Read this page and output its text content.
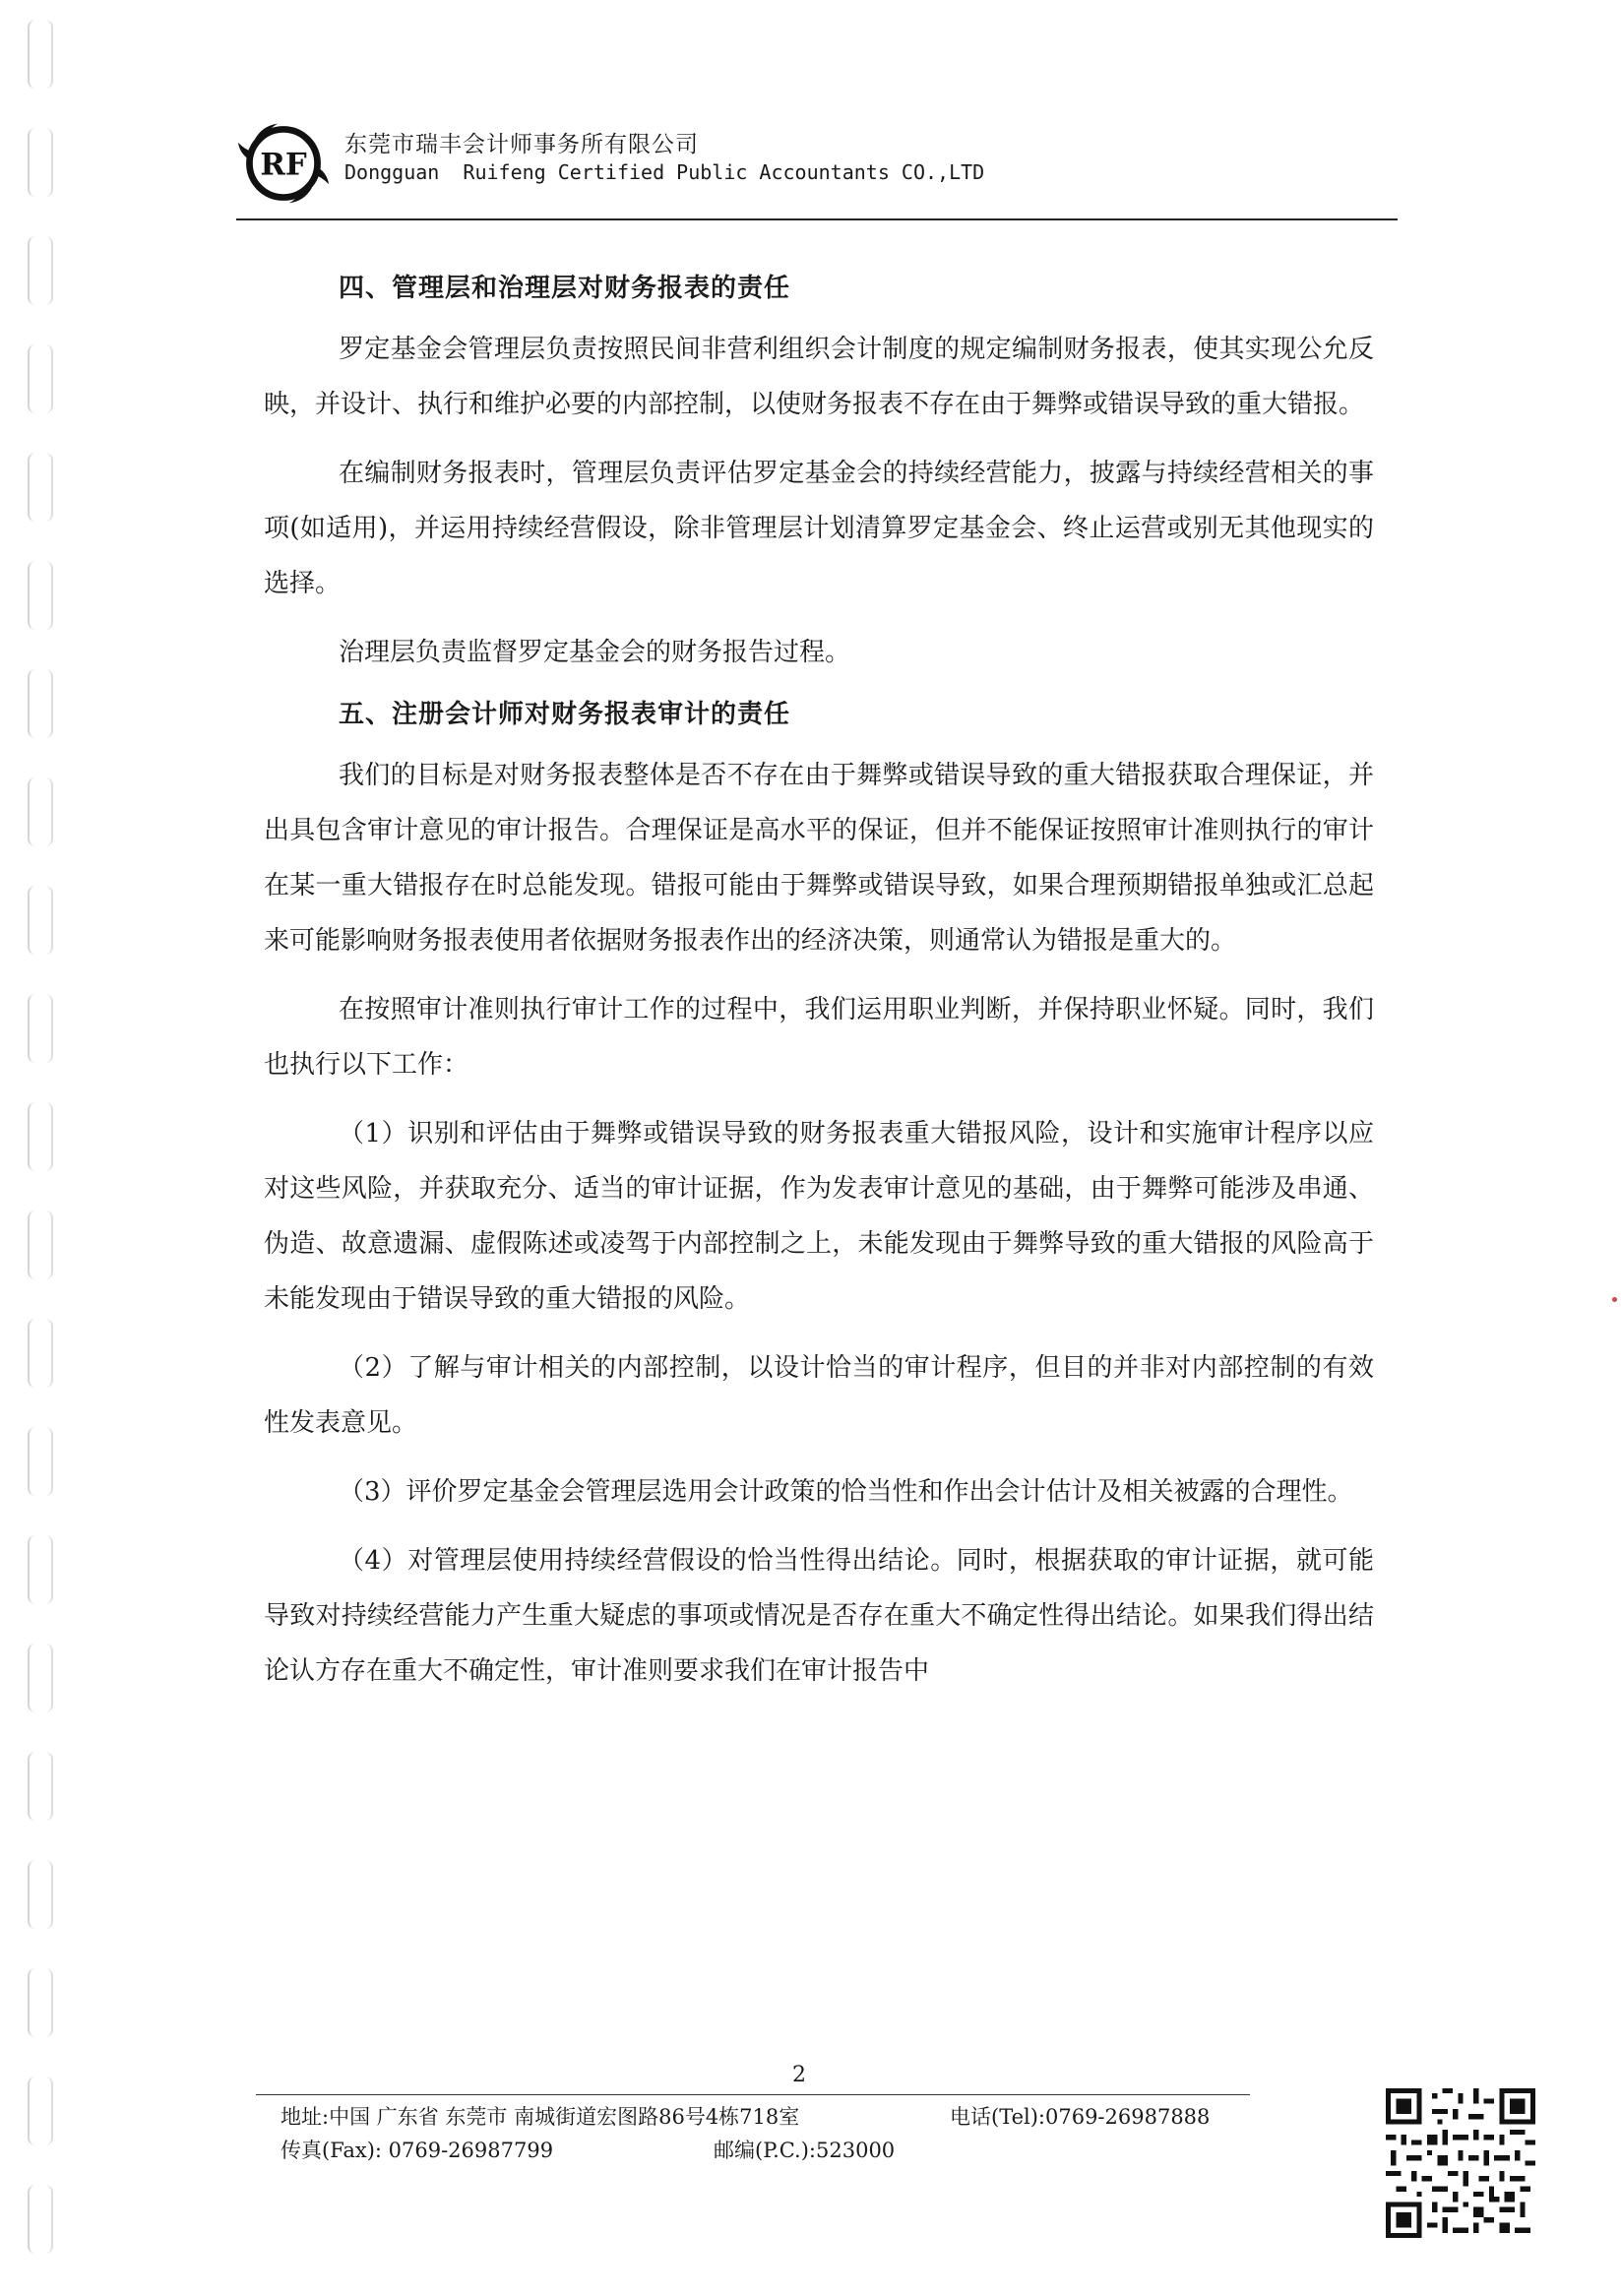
RF
东莞市瑞丰会计师事务所有限公司
Dongguan  Ruifeng Certified Public Accountants CO.,LTD
四、管理层和治理层对财务报表的责任

罗定基金会管理层负责按照民间非营利组织会计制度的规定编制财务报表，使其实现公允反映，并设计、执行和维护必要的内部控制，以使财务报表不存在由于舞弊或错误导致的重大错报。

在编制财务报表时，管理层负责评估罗定基金会的持续经营能力，披露与持续经营相关的事项(如适用)，并运用持续经营假设，除非管理层计划清算罗定基金会、终止运营或别无其他现实的选择。

治理层负责监督罗定基金会的财务报告过程。

五、注册会计师对财务报表审计的责任

我们的目标是对财务报表整体是否不存在由于舞弊或错误导致的重大错报获取合理保证，并出具包含审计意见的审计报告。合理保证是高水平的保证，但并不能保证按照审计准则执行的审计在某一重大错报存在时总能发现。错报可能由于舞弊或错误导致，如果合理预期错报单独或汇总起来可能影响财务报表使用者依据财务报表作出的经济决策，则通常认为错报是重大的。

在按照审计准则执行审计工作的过程中，我们运用职业判断，并保持职业怀疑。同时，我们也执行以下工作：

（1）识别和评估由于舞弊或错误导致的财务报表重大错报风险，设计和实施审计程序以应对这些风险，并获取充分、适当的审计证据，作为发表审计意见的基础，由于舞弊可能涉及串通、伪造、故意遗漏、虚假陈述或凌驾于内部控制之上，未能发现由于舞弊导致的重大错报的风险高于未能发现由于错误导致的重大错报的风险。

（2）了解与审计相关的内部控制，以设计恰当的审计程序，但目的并非对内部控制的有效性发表意见。

（3）评价罗定基金会管理层选用会计政策的恰当性和作出会计估计及相关被露的合理性。

（4）对管理层使用持续经营假设的恰当性得出结论。同时，根据获取的审计证据，就可能导致对持续经营能力产生重大疑虑的事项或情况是否存在重大不确定性得出结论。如果我们得出结论认方存在重大不确定性，审计准则要求我们在审计报告中

2
地址:中国 广东省 东莞市 南城街道宏图路86号4栋718室	电话(Tel):0769-26987888
传真(Fax): 0769-26987799	邮编(P.C.):523000
